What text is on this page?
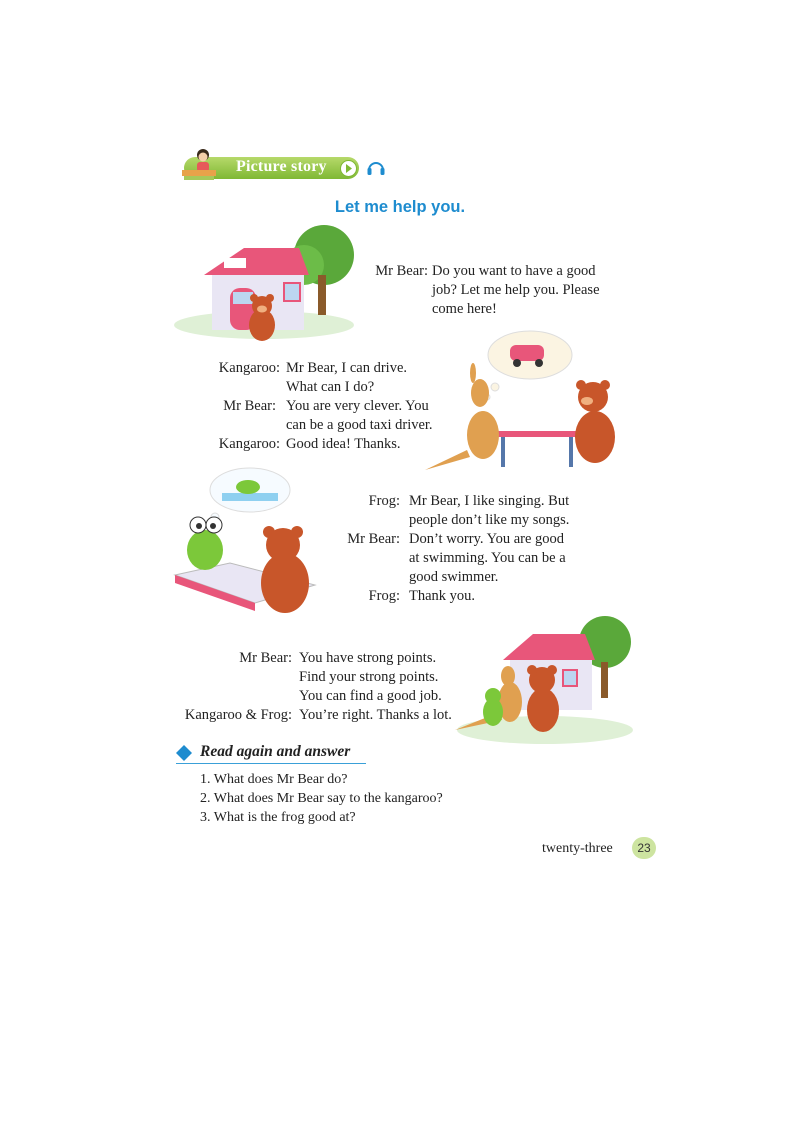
Picture story
Let me help you.
Mr Bear: Do you want to have a good
job? Let me help you. Please
come here!
Kangaroo: Mr Bear, I can drive.
What can I do?
Mr Bear: You are very clever. You
can be a good taxi driver.
Kangaroo: Good idea! Thanks.
Frog: Mr Bear, I like singing. But
people don’t like my songs.
Mr Bear: Don’t worry. You are good
at swimming. You can be a
good swimmer.
Frog: Thank you.
Mr Bear: You have strong points.
Find your strong points.
You can find a good job.
Kangaroo & Frog: You’re right. Thanks a lot.
Read again and answer
1. What does Mr Bear do?
2. What does Mr Bear say to the kangaroo?
3. What is the frog good at?
twenty-three	23
